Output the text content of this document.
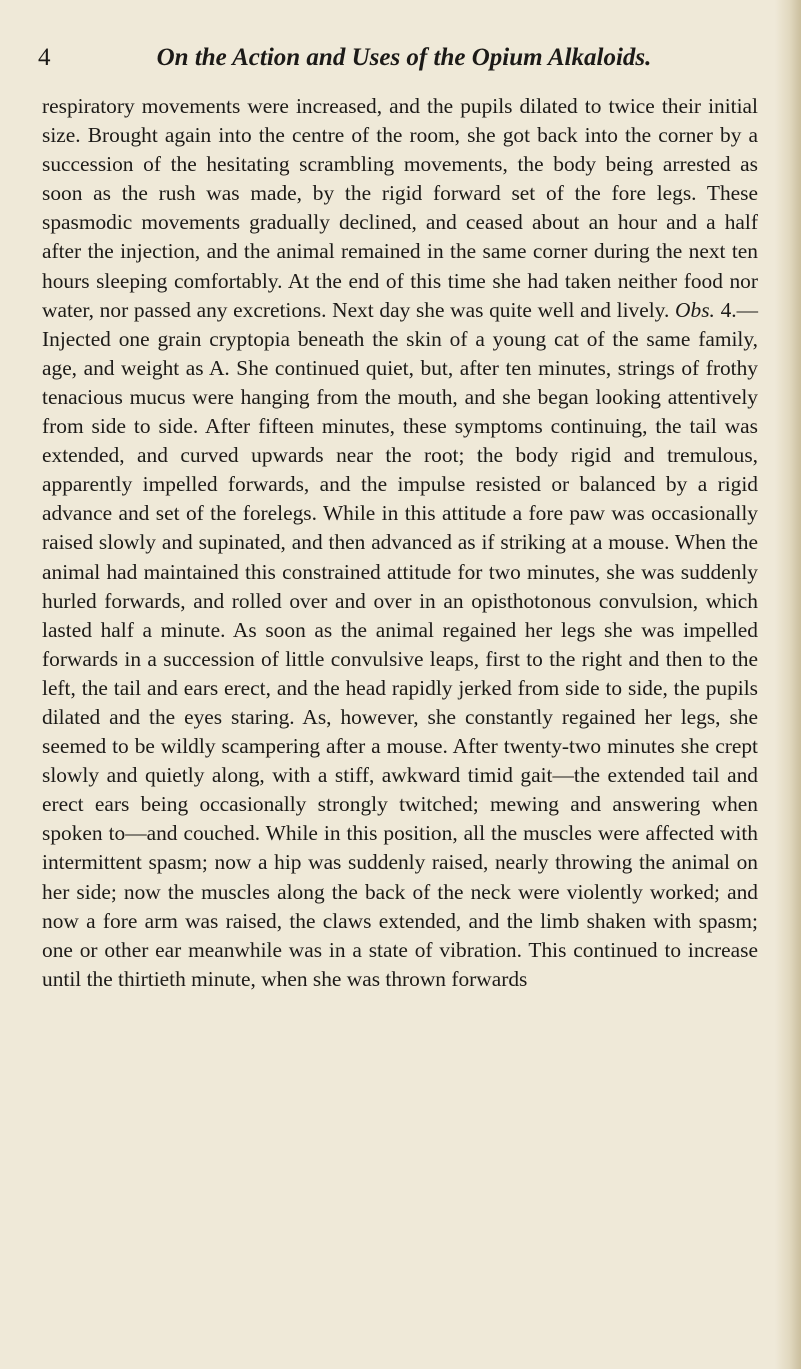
4	On the Action and Uses of the Opium Alkaloids.

respiratory movements were increased, and the pupils dilated to twice their initial size. Brought again into the centre of the room, she got back into the corner by a succession of the hesitating scrambling movements, the body being arrested as soon as the rush was made, by the rigid forward set of the fore legs. These spasmodic movements gradually declined, and ceased about an hour and a half after the injection, and the animal remained in the same corner during the next ten hours sleeping comfortably. At the end of this time she had taken neither food nor water, nor passed any excretions. Next day she was quite well and lively. Obs. 4.—Injected one grain cryptopia beneath the skin of a young cat of the same family, age, and weight as A. She continued quiet, but, after ten minutes, strings of frothy tenacious mucus were hanging from the mouth, and she began looking attentively from side to side. After fifteen minutes, these symptoms continuing, the tail was extended, and curved upwards near the root; the body rigid and tremulous, apparently impelled forwards, and the impulse resisted or balanced by a rigid advance and set of the forelegs. While in this attitude a fore paw was occasionally raised slowly and supinated, and then advanced as if striking at a mouse. When the animal had maintained this constrained attitude for two minutes, she was suddenly hurled forwards, and rolled over and over in an opisthotonous convulsion, which lasted half a minute. As soon as the animal regained her legs she was impelled forwards in a succession of little convulsive leaps, first to the right and then to the left, the tail and ears erect, and the head rapidly jerked from side to side, the pupils dilated and the eyes staring. As, however, she constantly regained her legs, she seemed to be wildly scampering after a mouse. After twenty-two minutes she crept slowly and quietly along, with a stiff, awkward timid gait—the extended tail and erect ears being occasionally strongly twitched; mewing and answering when spoken to—and couched. While in this position, all the muscles were affected with intermittent spasm; now a hip was suddenly raised, nearly throwing the animal on her side; now the muscles along the back of the neck were violently worked; and now a fore arm was raised, the claws extended, and the limb shaken with spasm; one or other ear meanwhile was in a state of vibration. This continued to increase until the thirtieth minute, when she was thrown forwards
